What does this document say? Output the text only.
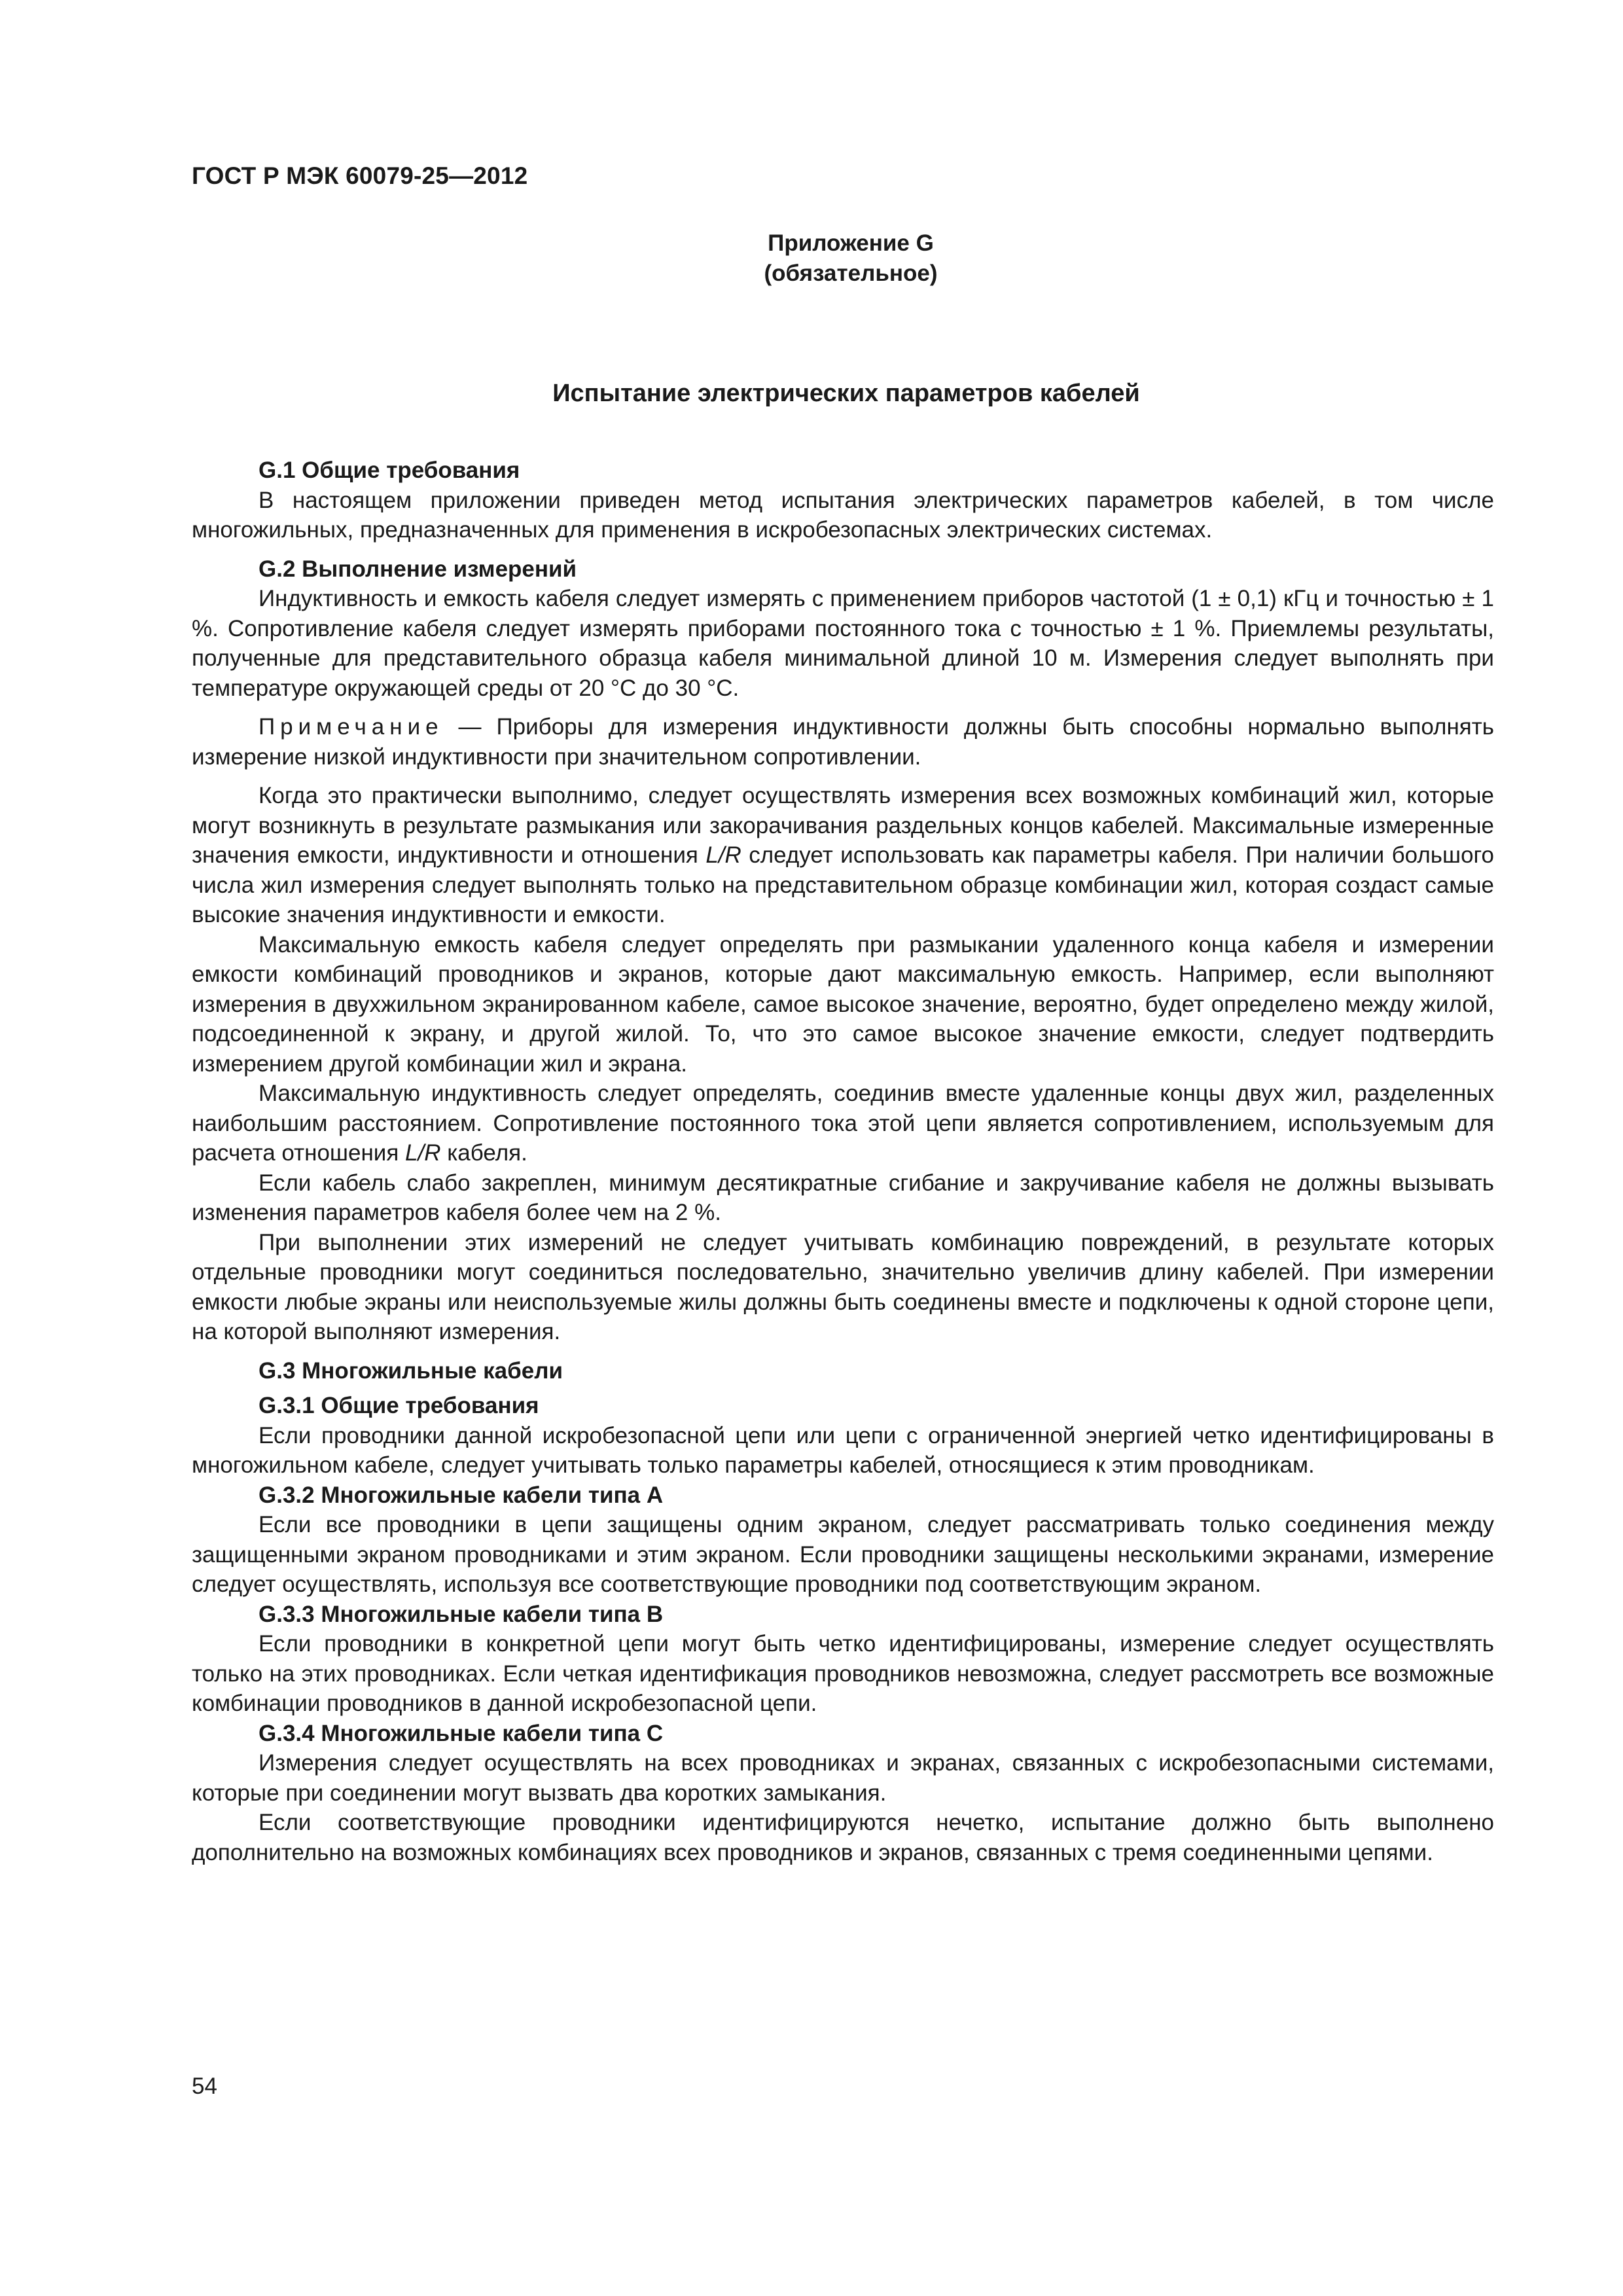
ГОСТ Р МЭК 60079-25—2012
Приложение G
(обязательное)
Испытание электрических параметров кабелей

G.1 Общие требования

В настоящем приложении приведен метод испытания электрических параметров кабелей, в том числе многожильных, предназначенных для применения в искробезопасных электрических системах.

G.2 Выполнение измерений

Индуктивность и емкость кабеля следует измерять с применением приборов частотой (1 ± 0,1) кГц и точностью ± 1 %. Сопротивление кабеля следует измерять приборами постоянного тока с точностью ± 1 %. Приемлемы результаты, полученные для представительного образца кабеля минимальной длиной 10 м. Измерения следует выполнять при температуре окружающей среды от 20 °С до 30 °С.

Примечание — Приборы для измерения индуктивности должны быть способны нормально выполнять измерение низкой индуктивности при значительном сопротивлении.

Когда это практически выполнимо, следует осуществлять измерения всех возможных комбинаций жил, которые могут возникнуть в результате размыкания или закорачивания раздельных концов кабелей. Максимальные измеренные значения емкости, индуктивности и отношения L/R следует использовать как параметры кабеля. При наличии большого числа жил измерения следует выполнять только на представительном образце комбинации жил, которая создаст самые высокие значения индуктивности и емкости.

Максимальную емкость кабеля следует определять при размыкании удаленного конца кабеля и измерении емкости комбинаций проводников и экранов, которые дают максимальную емкость. Например, если выполняют измерения в двухжильном экранированном кабеле, самое высокое значение, вероятно, будет определено между жилой, подсоединенной к экрану, и другой жилой. То, что это самое высокое значение емкости, следует подтвердить измерением другой комбинации жил и экрана.

Максимальную индуктивность следует определять, соединив вместе удаленные концы двух жил, разделенных наибольшим расстоянием. Сопротивление постоянного тока этой цепи является сопротивлением, используемым для расчета отношения L/R кабеля.

Если кабель слабо закреплен, минимум десятикратные сгибание и закручивание кабеля не должны вызывать изменения параметров кабеля более чем на 2 %.

При выполнении этих измерений не следует учитывать комбинацию повреждений, в результате которых отдельные проводники могут соединиться последовательно, значительно увеличив длину кабелей. При измерении емкости любые экраны или неиспользуемые жилы должны быть соединены вместе и подключены к одной стороне цепи, на которой выполняют измерения.

G.3 Многожильные кабели

G.3.1 Общие требования

Если проводники данной искробезопасной цепи или цепи с ограниченной энергией четко идентифицированы в многожильном кабеле, следует учитывать только параметры кабелей, относящиеся к этим проводникам.

G.3.2 Многожильные кабели типа А

Если все проводники в цепи защищены одним экраном, следует рассматривать только соединения между защищенными экраном проводниками и этим экраном. Если проводники защищены несколькими экранами, измерение следует осуществлять, используя все соответствующие проводники под соответствующим экраном.

G.3.3 Многожильные кабели типа В

Если проводники в конкретной цепи могут быть четко идентифицированы, измерение следует осуществлять только на этих проводниках. Если четкая идентификация проводников невозможна, следует рассмотреть все возможные комбинации проводников в данной искробезопасной цепи.

G.3.4 Многожильные кабели типа С

Измерения следует осуществлять на всех проводниках и экранах, связанных с искробезопасными системами, которые при соединении могут вызвать два коротких замыкания.

Если соответствующие проводники идентифицируются нечетко, испытание должно быть выполнено дополнительно на возможных комбинациях всех проводников и экранов, связанных с тремя соединенными цепями.

54
